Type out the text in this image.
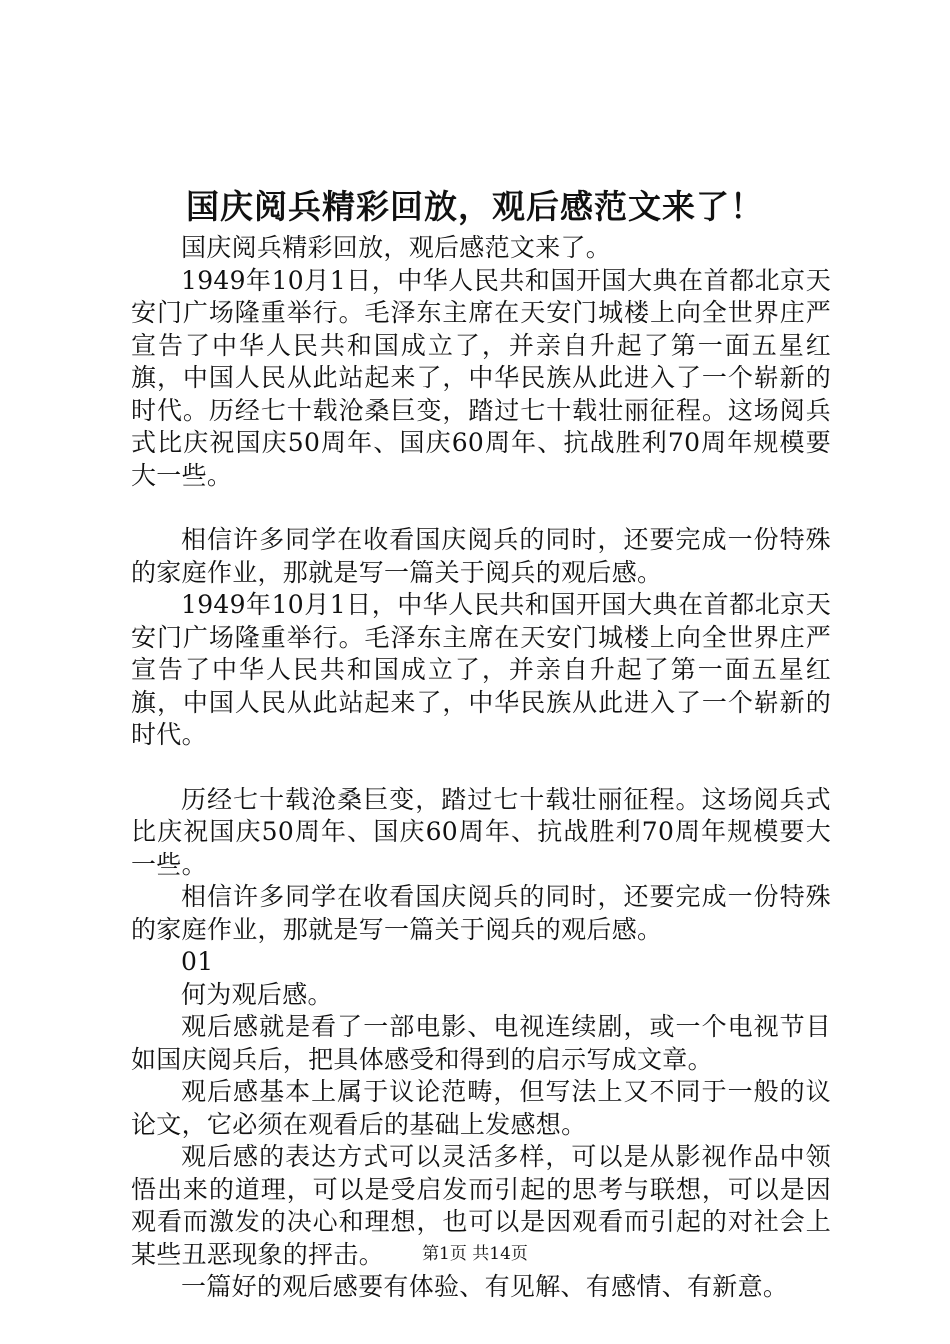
国庆阅兵精彩回放，观后感范文来了！

国庆阅兵精彩回放，观后感范文来了。

1949年10月1日，中华人民共和国开国大典在首都北京天安门广场隆重举行。毛泽东主席在天安门城楼上向全世界庄严宣告了中华人民共和国成立了，并亲自升起了第一面五星红旗，中国人民从此站起来了，中华民族从此进入了一个崭新的时代。历经七十载沧桑巨变，踏过七十载壮丽征程。这场阅兵式比庆祝国庆50周年、国庆60周年、抗战胜利70周年规模要大一些。

相信许多同学在收看国庆阅兵的同时，还要完成一份特殊的家庭作业，那就是写一篇关于阅兵的观后感。

1949年10月1日，中华人民共和国开国大典在首都北京天安门广场隆重举行。毛泽东主席在天安门城楼上向全世界庄严宣告了中华人民共和国成立了，并亲自升起了第一面五星红旗，中国人民从此站起来了，中华民族从此进入了一个崭新的时代。

历经七十载沧桑巨变，踏过七十载壮丽征程。这场阅兵式比庆祝国庆50周年、国庆60周年、抗战胜利70周年规模要大一些。

相信许多同学在收看国庆阅兵的同时，还要完成一份特殊的家庭作业，那就是写一篇关于阅兵的观后感。

01

何为观后感。

观后感就是看了一部电影、电视连续剧，或一个电视节目如国庆阅兵后，把具体感受和得到的启示写成文章。

观后感基本上属于议论范畴，但写法上又不同于一般的议论文，它必须在观看后的基础上发感想。

观后感的表达方式可以灵活多样，可以是从影视作品中领悟出来的道理，可以是受启发而引起的思考与联想，可以是因观看而激发的决心和理想，也可以是因观看而引起的对社会上某些丑恶现象的抨击。

一篇好的观后感要有体验、有见解、有感情、有新意。

第1页 共14页
